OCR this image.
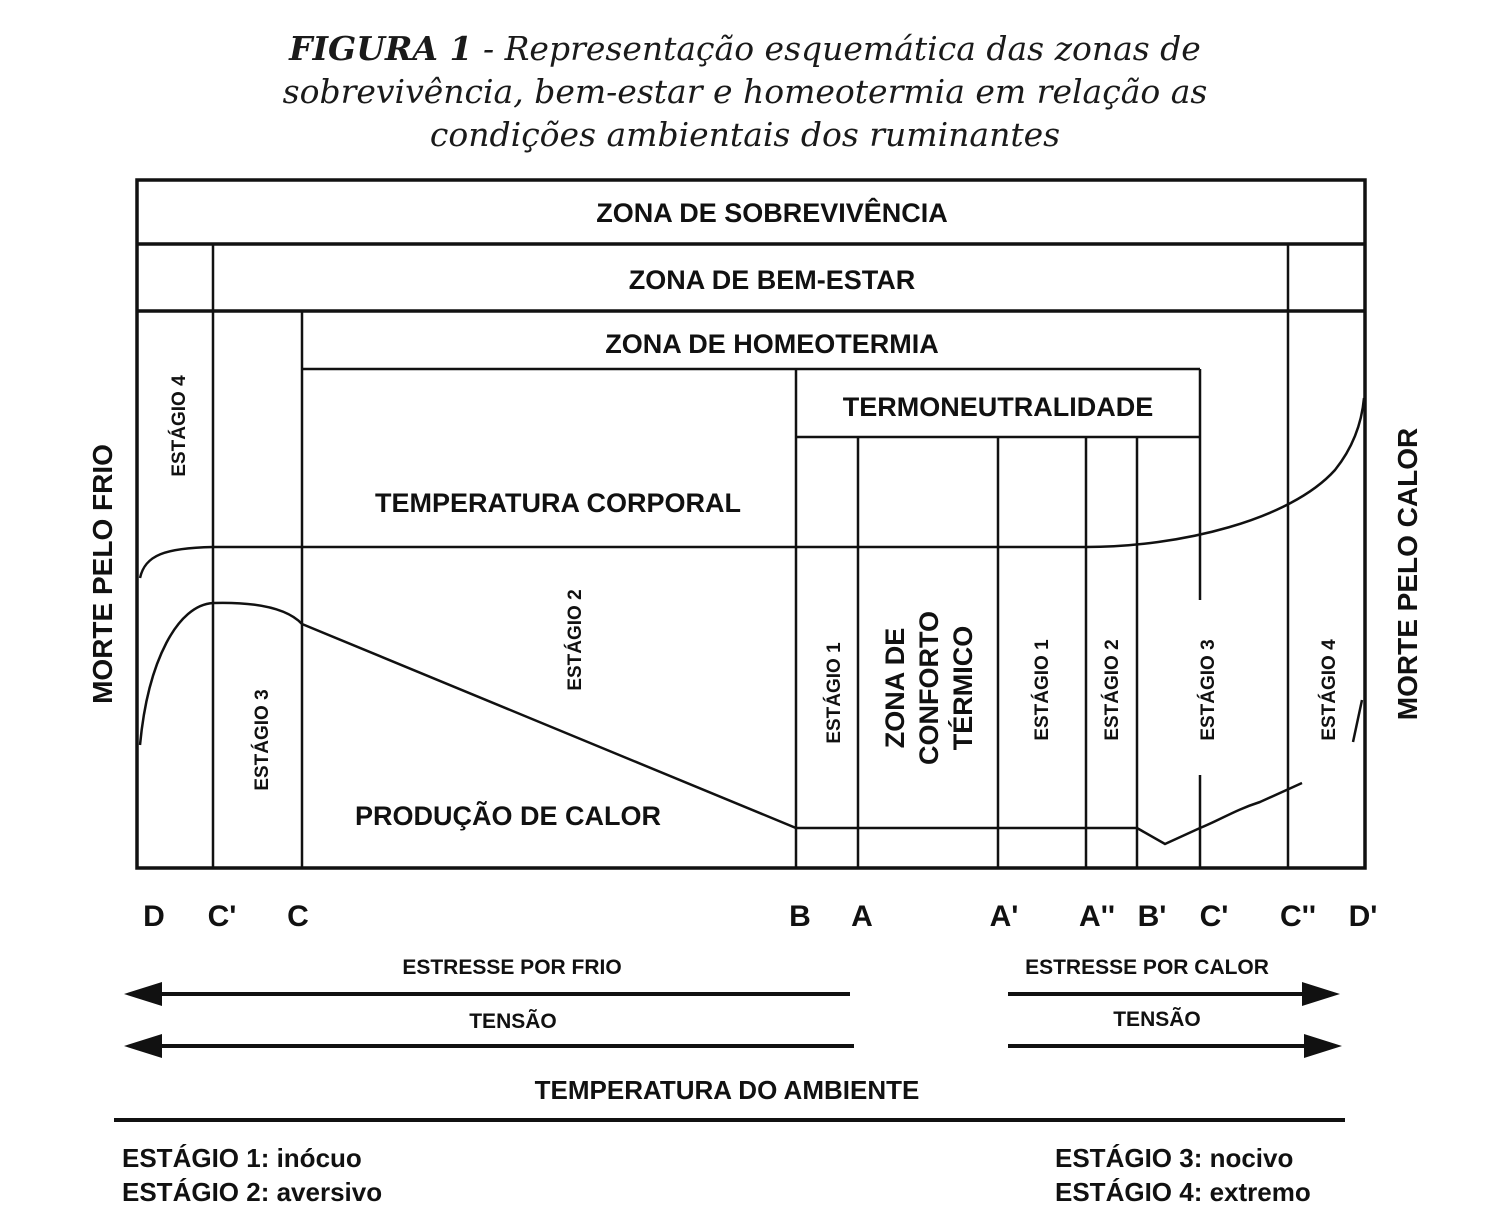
FIGURA 1 - Representação esquemática das zonas de
sobrevivência, bem-estar e homeotermia em relação as
condições ambientais dos ruminantes
ZONA DE SOBREVIVÊNCIA
ZONA DE BEM-ESTAR
ZONA DE HOMEOTERMIA
TERMONEUTRALIDADE
TEMPERATURA CORPORAL
PRODUÇÃO DE CALOR
MORTE PELO FRIO	MORTE PELO CALOR
ESTÁGIO 4
ESTÁGIO 3
ESTÁGIO 2
ESTÁGIO 1 ZONA DE CONFORTO TÉRMICO	ESTÁGIO 1	ESTÁGIO 2	ESTÁGIO 3	ESTÁGIO 4
D C' C	B A	A' A'' B' C' C'' D'
ESTRESSE POR FRIO	ESTRESSE POR CALOR
TENSÃO	TENSÃO
TEMPERATURA DO AMBIENTE
ESTÁGIO 1: inócuo
ESTÁGIO 2: aversivo
ESTÁGIO 3: nocivo
ESTÁGIO 4: extremo
